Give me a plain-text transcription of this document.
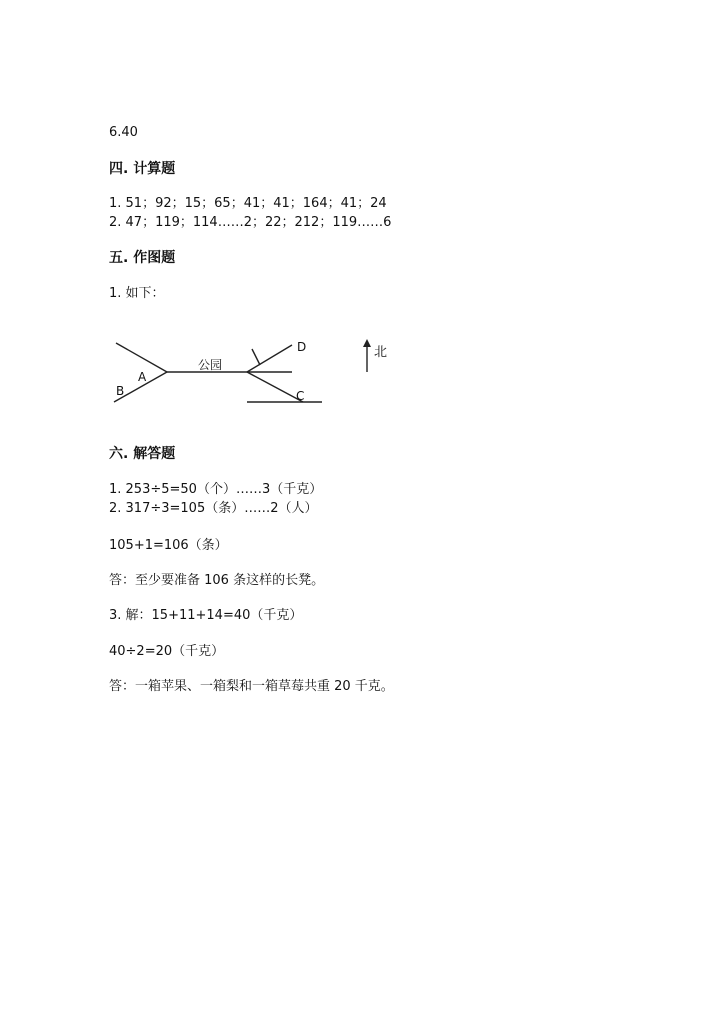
6.40
四. 计算题
1. 51；92；15；65；41；41；164；41；24
2. 47；119；114……2；22；212；119……6
五. 作图题
1. 如下：
公园
A
B	C
D	北
六. 解答题
1. 253÷5=50（个）……3（千克）
2. 317÷3=105（条）……2（人）
105+1=106（条）
答：至少要准备 106 条这样的长凳。
3. 解：15+11+14=40（千克）
40÷2=20（千克）
答：一箱苹果、一箱梨和一箱草莓共重 20 千克。
